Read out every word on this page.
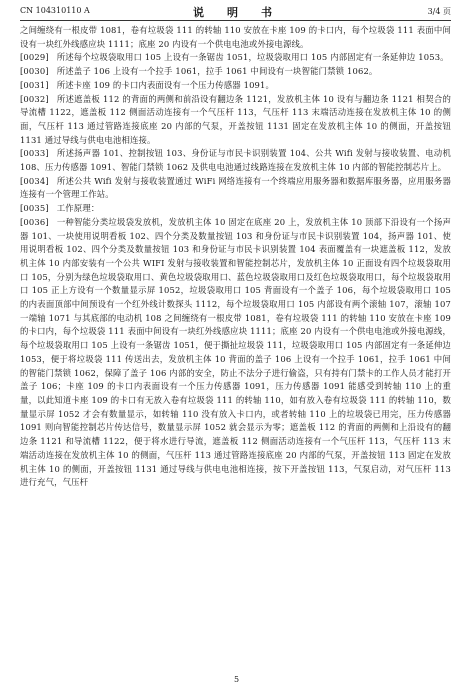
CN 104310110 A	说　明　书	3/4 页

之间缠绕有一根皮带 1081，卷有垃圾袋 111 的转轴 110 安放在卡座 109 的卡口内，每个垃圾袋 111 表面中间设有一块红外线感应块 1111；底座 20 内设有一个供电电池或外接电源线。

[0029] 所述每个垃圾袋取用口 105 上设有一条锯齿 1051，垃圾袋取用口 105 内部固定有一条延伸边 1053。

[0030] 所述盖子 106 上设有一个拉手 1061，拉手 1061 中间设有一块智能门禁锁 1062。

[0031] 所述卡座 109 的卡口内表面设有一个压力传感器 1091。

[0032] 所述遮盖板 112 的背面的两侧和前沿设有翻边条 1121，发放机主体 10 设有与翻边条 1121 相契合的导流槽 1122，遮盖板 112 侧面活动连接有一个气压杆 113，气压杆 113 末端活动连接在发放机主体 10 的侧面，气压杆 113 通过管路连接底座 20 内部的气泵，开盖按钮 1131 固定在发放机主体 10 的侧面，开盖按钮 1131 通过导线与供电电池相连接。

[0033] 所述扬声器 101、控制按钮 103、身份证与市民卡识别装置 104、公共 Wifi 发射与接收装置、电动机 108、压力传感器 1091、智能门禁锁 1062 及供电电池通过线路连接在发放机主体 10 内部的智能控制芯片上。

[0034] 所述公共 Wifi 发射与接收装置通过 WiFi 网络连接有一个终端应用服务器和数据库服务器，应用服务器连接有一个管理工作站。

[0035] 工作原理：

[0036] 一种智能分类垃圾袋发放机，发放机主体 10 固定在底座 20 上，发放机主体 10 顶部下沿设有一个扬声器 101、一块使用说明看板 102、四个分类及数量按钮 103 和身份证与市民卡识别装置 104，扬声器 101、使用说明看板 102、四个分类及数量按钮 103 和身份证与市民卡识别装置 104 表面覆盖有一块遮盖板 112，发放机主体 10 内部安装有一个公共 WIFI 发射与接收装置和智能控制芯片，发放机主体 10 正面设有四个垃圾袋取用口 105，分别为绿色垃圾袋取用口、黄色垃圾袋取用口、蓝色垃圾袋取用口及红色垃圾袋取用口，每个垃圾袋取用口 105 正上方设有一个数量显示屏 1052，垃圾袋取用口 105 背面设有一个盖子 106，每个垃圾袋取用口 105 的内表面顶部中间预设有一个红外线计数探头 1112，每个垃圾袋取用口 105 内部设有两个滚轴 107，滚轴 107 一端轴 1071 与其底部的电动机 108 之间缠绕有一根皮带 1081，卷有垃圾袋 111 的转轴 110 安放在卡座 109 的卡口内，每个垃圾袋 111 表面中间设有一块红外线感应块 1111；底座 20 内设有一个供电电池或外接电源线，每个垃圾袋取用口 105 上设有一条锯齿 1051，便于撕扯垃圾袋 111，垃圾袋取用口 105 内部固定有一条延伸边 1053，便于将垃圾袋 111 传送出去，发放机主体 10 背面的盖子 106 上设有一个拉手 1061，拉手 1061 中间的智能门禁锁 1062，保障了盖子 106 内部的安全，防止不法分子进行偷盗，只有持有门禁卡的工作人员才能打开盖子 106；卡座 109 的卡口内表面设有一个压力传感器 1091，压力传感器 1091 能感受到转轴 110 上的重量，以此知道卡座 109 的卡口有无放入卷有垃圾袋 111 的转轴 110，如有放入卷有垃圾袋 111 的转轴 110，数量显示屏 1052 才会有数量显示，如转轴 110 没有放入卡口内，或者转轴 110 上的垃圾袋已用完，压力传感器 1091 则向智能控制芯片传达信号，数量显示屏 1052 就会显示为零；遮盖板 112 的背面的两侧和上沿设有的翻边条 1121 和导流槽 1122，便于将水进行导流，遮盖板 112 侧面活动连接有一个气压杆 113，气压杆 113 末端活动连接在发放机主体 10 的侧面，气压杆 113 通过管路连接底座 20 内部的气泵，开盖按钮 113 固定在发放机主体 10 的侧面，开盖按钮 1131 通过导线与供电电池相连接，按下开盖按钮 113，气泵启动，对气压杆 113 进行充气，气压杆

5
